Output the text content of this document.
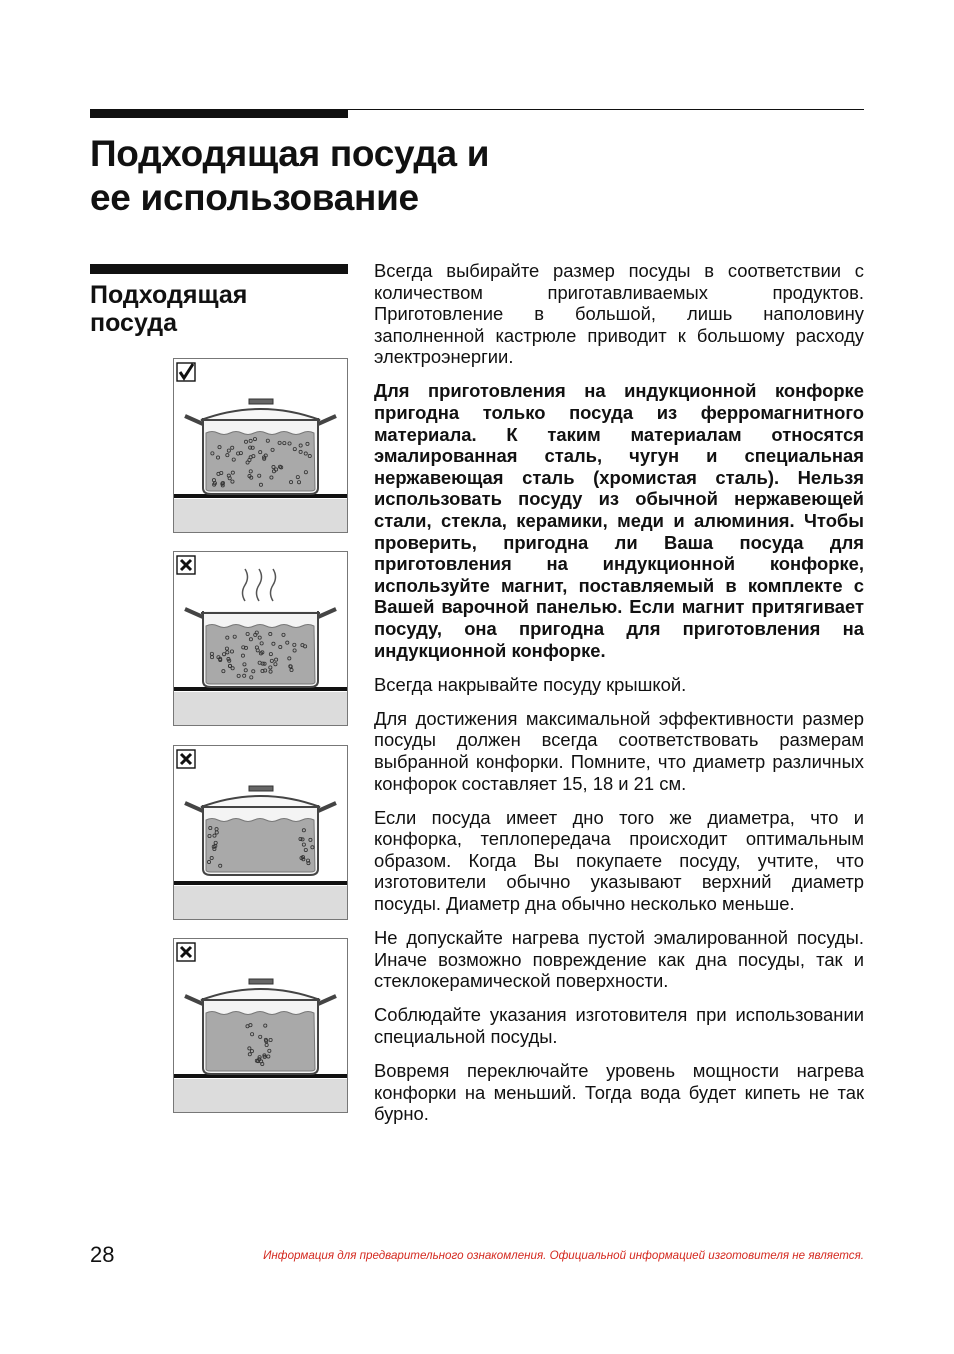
Подходящая посуда и
ее использование
Подходящая
посуда

Всегда выбирайте размер посуды в соответствии с количеством приготавливаемых продуктов. Приготовление в большой, лишь наполовину заполненной кастрюле приводит к большому расходу электроэнергии.

Для приготовления на индукционной конфорке пригодна только посуда из ферромагнитного материала. К таким материалам относятся эмалированная сталь, чугун и специальная нержавеющая сталь (хромистая сталь). Нельзя использовать посуду из обычной нержавеющей стали, стекла, керамики, меди и алюминия. Чтобы проверить, пригодна ли Ваша посуда для приготовления на индукционной конфорке, используйте магнит, поставляемый в комплекте с Вашей варочной панелью. Если магнит притягивает посуду, она пригодна для приготовления на индукционной конфорке.

Всегда накрывайте посуду крышкой.

Для достижения максимальной эффективности размер посуды должен всегда соответствовать размерам выбранной конфорки. Помните, что диаметр различных конфорок составляет 15, 18 и 21 см.

Если посуда имеет дно того же диаметра, что и конфорка, теплопередача происходит оптимальным образом. Когда Вы покупаете посуду, учтите, что изготовители обычно указывают верхний диаметр посуды. Диаметр дна обычно несколько меньше.

Не допускайте нагрева пустой эмалированной посуды. Иначе возможно повреждение как дна посуды, так и стеклокерамической поверхности.

Соблюдайте указания изготовителя при использовании специальной посуды.

Вовремя переключайте уровень мощности нагрева конфорки на меньший. Тогда вода будет кипеть не так бурно.

28	Информация для предварительного ознакомления. Официальной информацией изготовителя не является.
